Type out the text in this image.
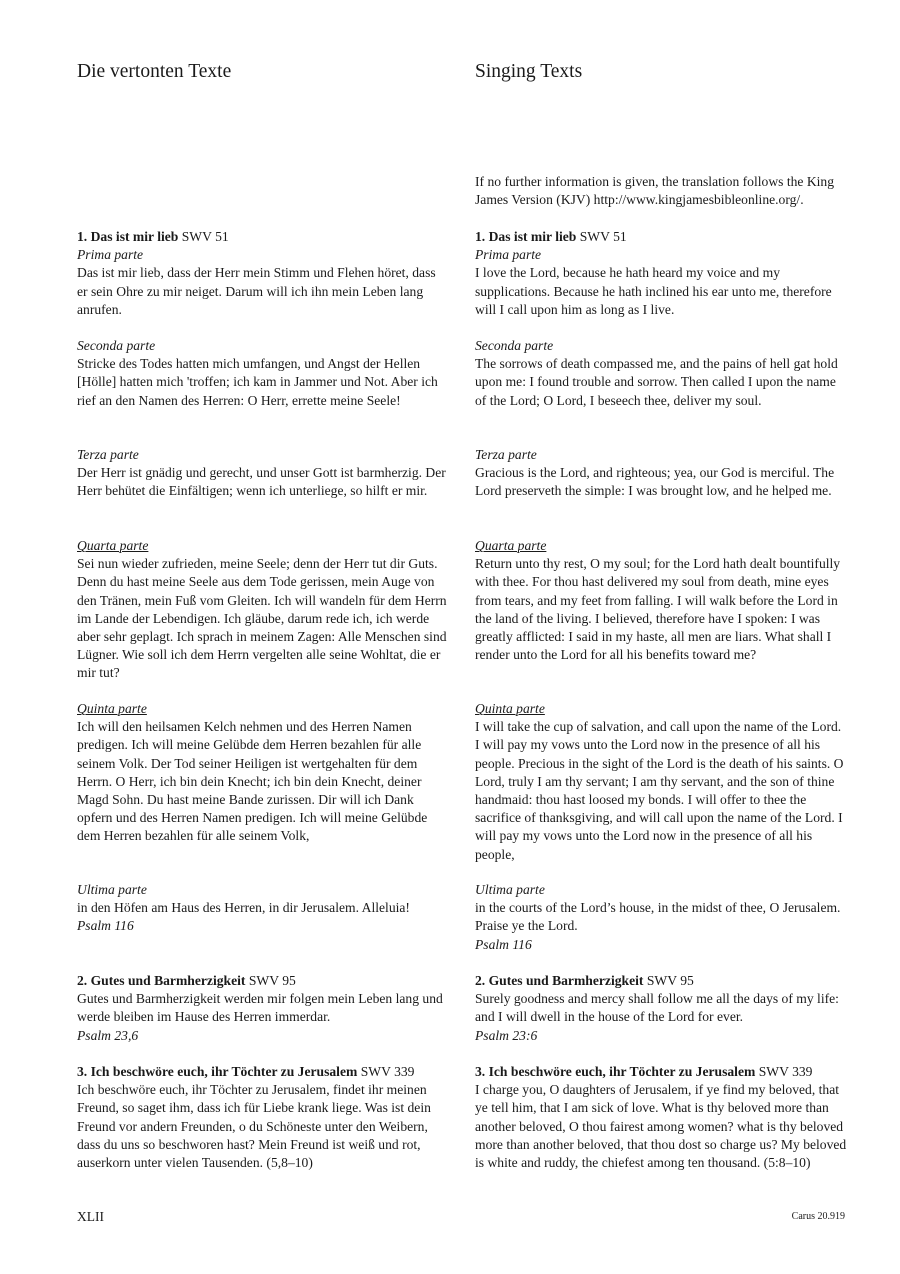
Die vertonten Texte

1. Das ist mir lieb SWV 51

Prima parte

Das ist mir lieb, dass der Herr mein Stimm und Flehen höret, dass er sein Ohre zu mir neiget. Darum will ich ihn mein Leben lang anrufen.

Seconda parte

Stricke des Todes hatten mich umfangen, und Angst der Hellen [Hölle] hatten mich 'troffen; ich kam in Jammer und Not. Aber ich rief an den Namen des Herren: O Herr, errette meine Seele!

Terza parte

Der Herr ist gnädig und gerecht, und unser Gott ist barmherzig. Der Herr behütet die Einfältigen; wenn ich unterliege, so hilft er mir.

Quarta parte

Sei nun wieder zufrieden, meine Seele; denn der Herr tut dir Guts. Denn du hast meine Seele aus dem Tode gerissen, mein Auge von den Tränen, mein Fuß vom Gleiten. Ich will wandeln für dem Herrn im Lande der Lebendigen. Ich gläube, darum rede ich, ich werde aber sehr geplagt. Ich sprach in meinem Zagen: Alle Menschen sind Lügner. Wie soll ich dem Herrn vergelten alle seine Wohltat, die er mir tut?

Quinta parte

Ich will den heilsamen Kelch nehmen und des Herren Namen predigen. Ich will meine Gelübde dem Herren bezahlen für alle seinem Volk. Der Tod seiner Heiligen ist wertgehalten für dem Herrn. O Herr, ich bin dein Knecht; ich bin dein Knecht, deiner Magd Sohn. Du hast meine Bande zurissen. Dir will ich Dank opfern und des Herren Namen predigen. Ich will meine Gelübde dem Herren bezahlen für alle seinem Volk,

Ultima parte

in den Höfen am Haus des Herren, in dir Jerusalem. Alleluia!

Psalm 116

2. Gutes und Barmherzigkeit SWV 95

Gutes und Barmherzigkeit werden mir folgen mein Leben lang und werde bleiben im Hause des Herren immerdar.

Psalm 23,6

3. Ich beschwöre euch, ihr Töchter zu Jerusalem SWV 339

Ich beschwöre euch, ihr Töchter zu Jerusalem, findet ihr meinen Freund, so saget ihm, dass ich für Liebe krank liege. Was ist dein Freund vor andern Freunden, o du Schöneste unter den Weibern, dass du uns so beschworen hast? Mein Freund ist weiß und rot, auserkorn unter vielen Tausenden. (5,8–10)

XLII
Singing Texts

If no further information is given, the translation follows the King James Version (KJV) http://www.kingjamesbibleonline.org/.

1. Das ist mir lieb SWV 51

Prima parte

I love the Lord, because he hath heard my voice and my supplications. Because he hath inclined his ear unto me, therefore will I call upon him as long as I live.

Seconda parte

The sorrows of death compassed me, and the pains of hell gat hold upon me: I found trouble and sorrow. Then called I upon the name of the Lord; O Lord, I beseech thee, deliver my soul.

Terza parte

Gracious is the Lord, and righteous; yea, our God is merciful. The Lord preserveth the simple: I was brought low, and he helped me.

Quarta parte

Return unto thy rest, O my soul; for the Lord hath dealt bountifully with thee. For thou hast delivered my soul from death, mine eyes from tears, and my feet from falling. I will walk before the Lord in the land of the living. I believed, therefore have I spoken: I was greatly afflicted: I said in my haste, all men are liars. What shall I render unto the Lord for all his benefits toward me?

Quinta parte

I will take the cup of salvation, and call upon the name of the Lord. I will pay my vows unto the Lord now in the presence of all his people. Precious in the sight of the Lord is the death of his saints. O Lord, truly I am thy servant; I am thy servant, and the son of thine handmaid: thou hast loosed my bonds. I will offer to thee the sacrifice of thanksgiving, and will call upon the name of the Lord. I will pay my vows unto the Lord now in the presence of all his people,

Ultima parte

in the courts of the Lord’s house, in the midst of thee, O Jerusalem. Praise ye the Lord.

Psalm 116

2. Gutes und Barmherzigkeit SWV 95

Surely goodness and mercy shall follow me all the days of my life: and I will dwell in the house of the Lord for ever.

Psalm 23:6

3. Ich beschwöre euch, ihr Töchter zu Jerusalem SWV 339

I charge you, O daughters of Jerusalem, if ye find my beloved, that ye tell him, that I am sick of love. What is thy beloved more than another beloved, O thou fairest among women? what is thy beloved more than another beloved, that thou dost so charge us? My beloved is white and ruddy, the chiefest among ten thousand. (5:8–10)

Carus 20.919
